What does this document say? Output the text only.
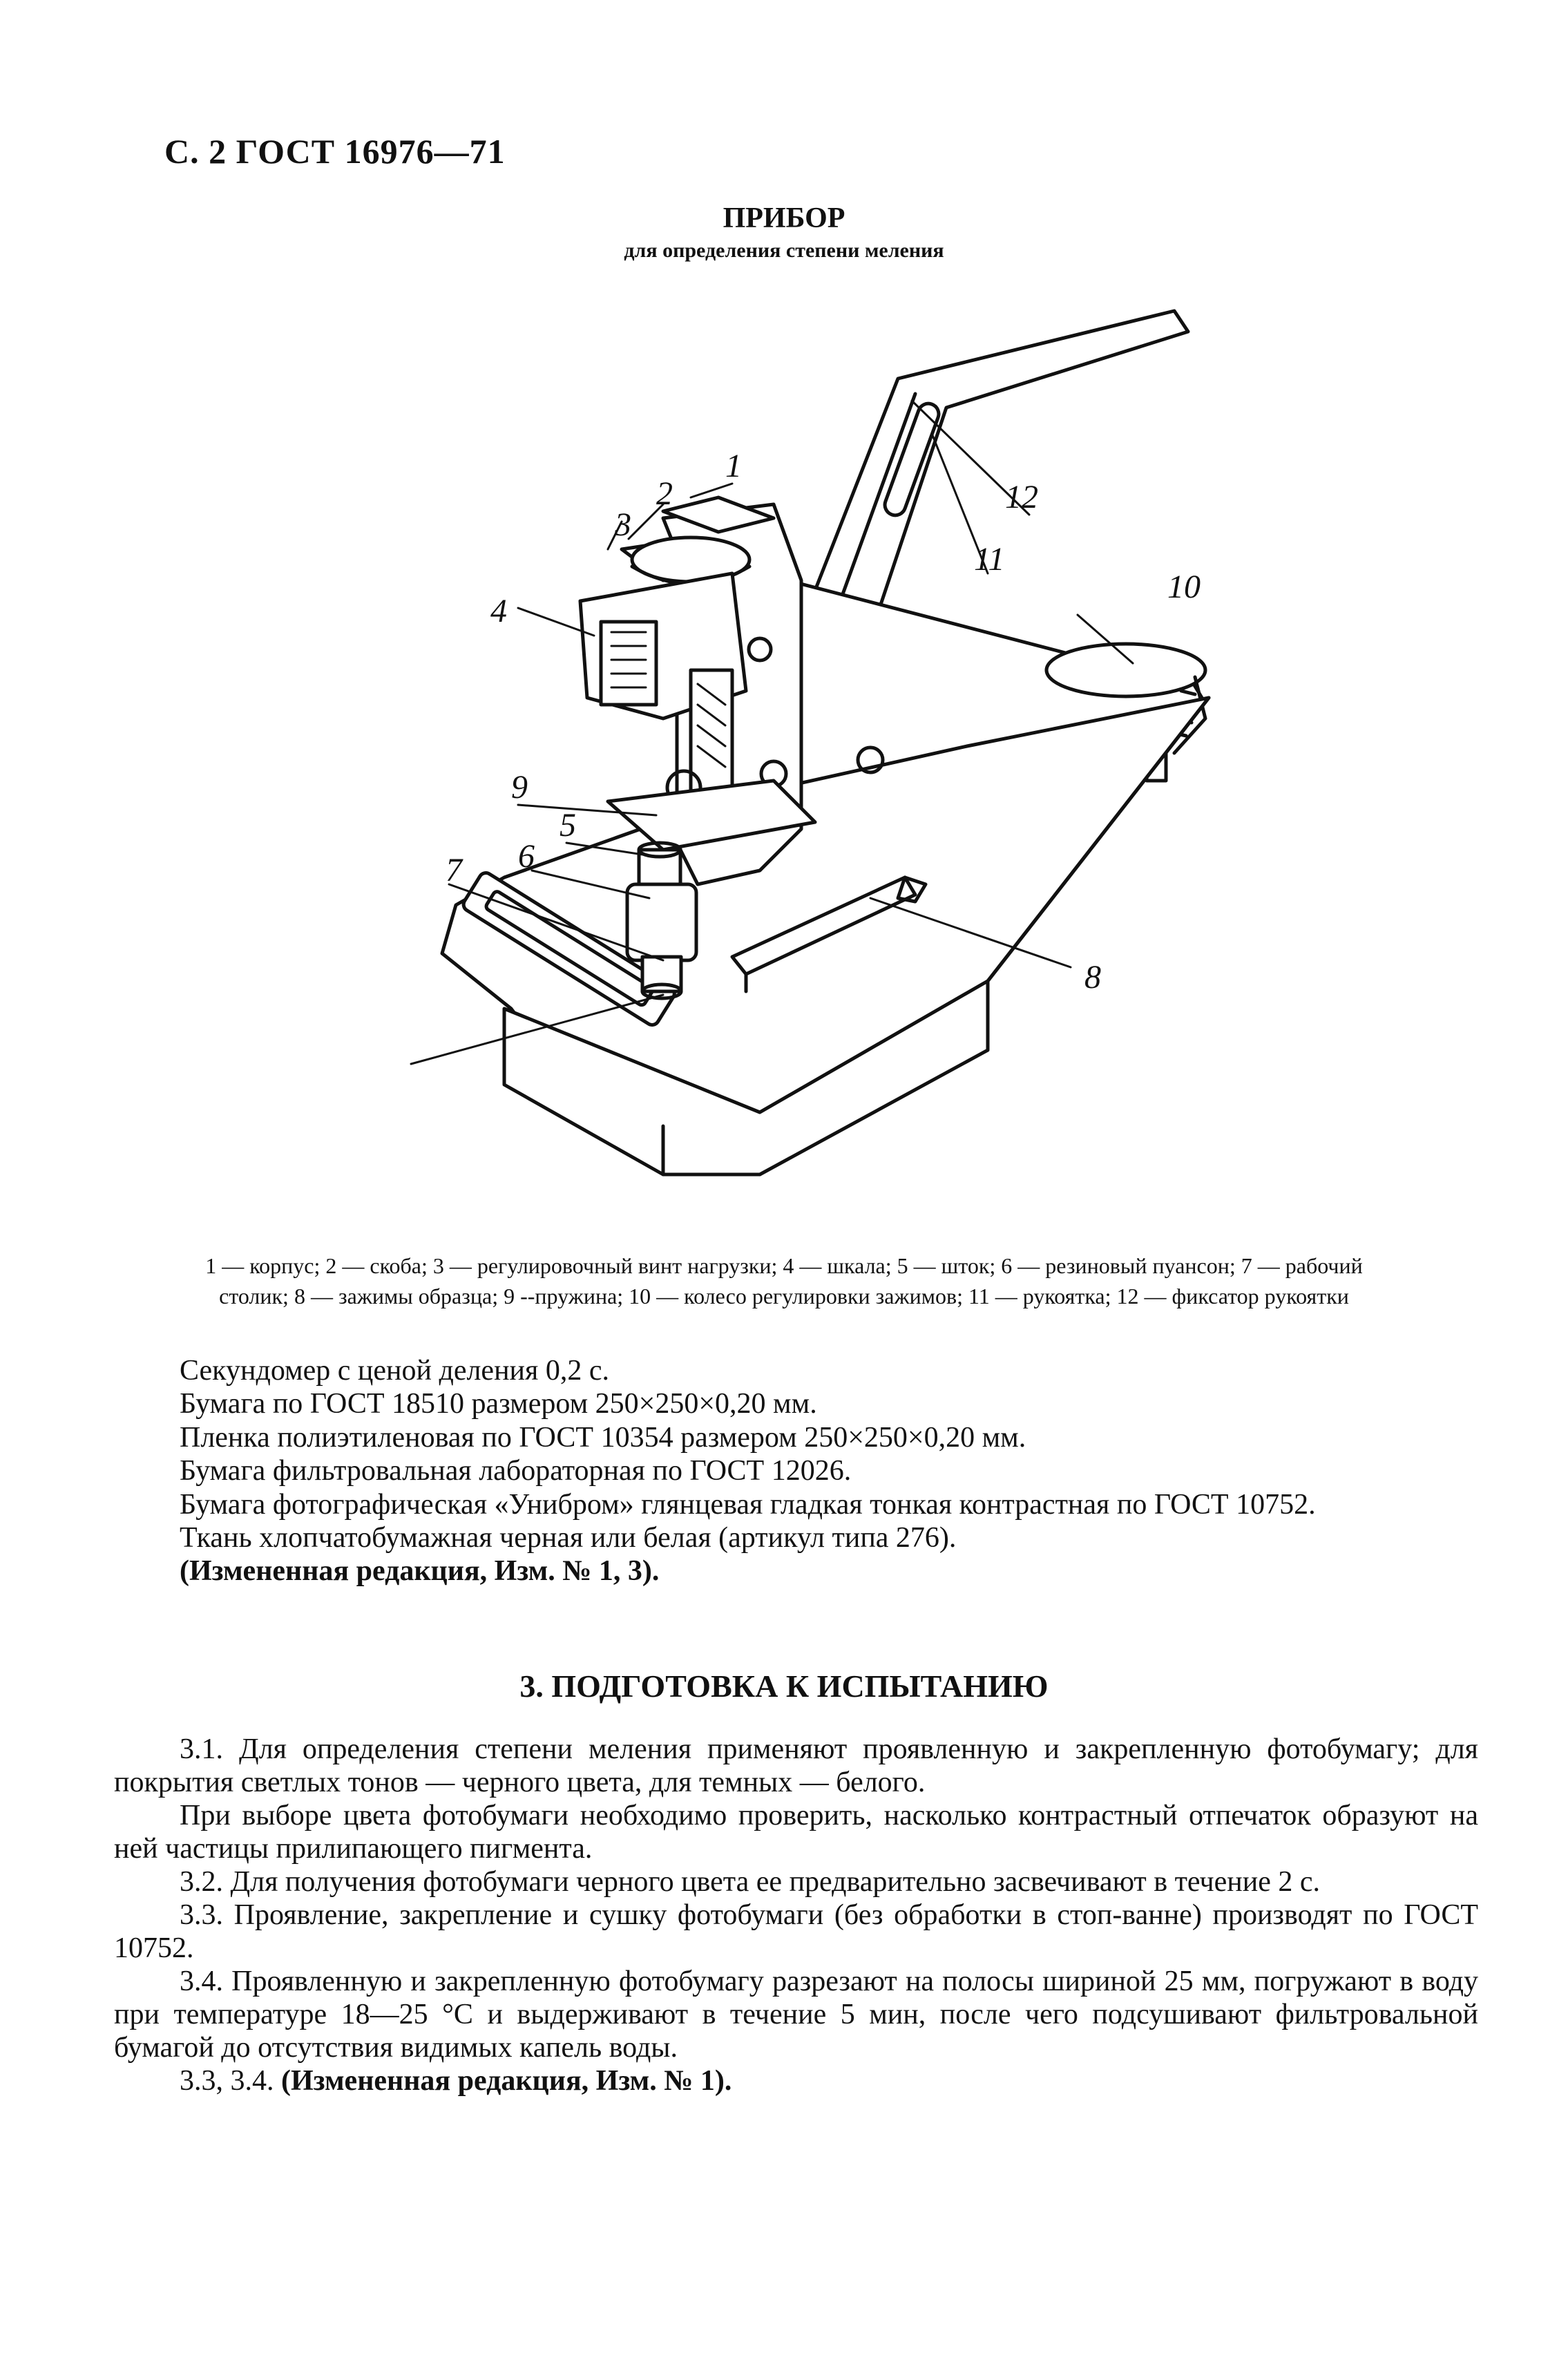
С. 2 ГОСТ 16976—71
ПРИБОР
для определения степени меления
1
2
3
4
9
5
6
7
8
10
11
12

1 — корпус; 2 — скоба; 3 — регулировочный винт нагрузки; 4 — шкала; 5 — шток; 6 — резиновый пуансон; 7 — рабочий

столик; 8 — зажимы образца; 9 --пружина; 10 — колесо регулировки зажимов; 11 — рукоятка; 12 — фиксатор рукоятки

Секундомер с ценой деления 0,2 с.

Бумага по ГОСТ 18510 размером 250×250×0,20 мм.

Пленка полиэтиленовая по ГОСТ 10354 размером 250×250×0,20 мм.

Бумага фильтровальная лабораторная по ГОСТ 12026.

Бумага фотографическая «Унибром» глянцевая гладкая тонкая контрастная по ГОСТ 10752.

Ткань хлопчатобумажная черная или белая (артикул типа 276).

(Измененная редакция, Изм. № 1, 3).

3. ПОДГОТОВКА К ИСПЫТАНИЮ

3.1. Для определения степени меления применяют проявленную и закрепленную фотобумагу; для покрытия светлых тонов — черного цвета, для темных — белого.

При выборе цвета фотобумаги необходимо проверить, насколько контрастный отпечаток образуют на ней частицы прилипающего пигмента.

3.2. Для получения фотобумаги черного цвета ее предварительно засвечивают в течение 2 с.

3.3. Проявление, закрепление и сушку фотобумаги (без обработки в стоп-ванне) производят по ГОСТ 10752.

3.4. Проявленную и закрепленную фотобумагу разрезают на полосы шириной 25 мм, погружают в воду при температуре 18—25 °С и выдерживают в течение 5 мин, после чего подсушивают фильтровальной бумагой до отсутствия видимых капель воды.

3.3, 3.4. (Измененная редакция, Изм. № 1).
